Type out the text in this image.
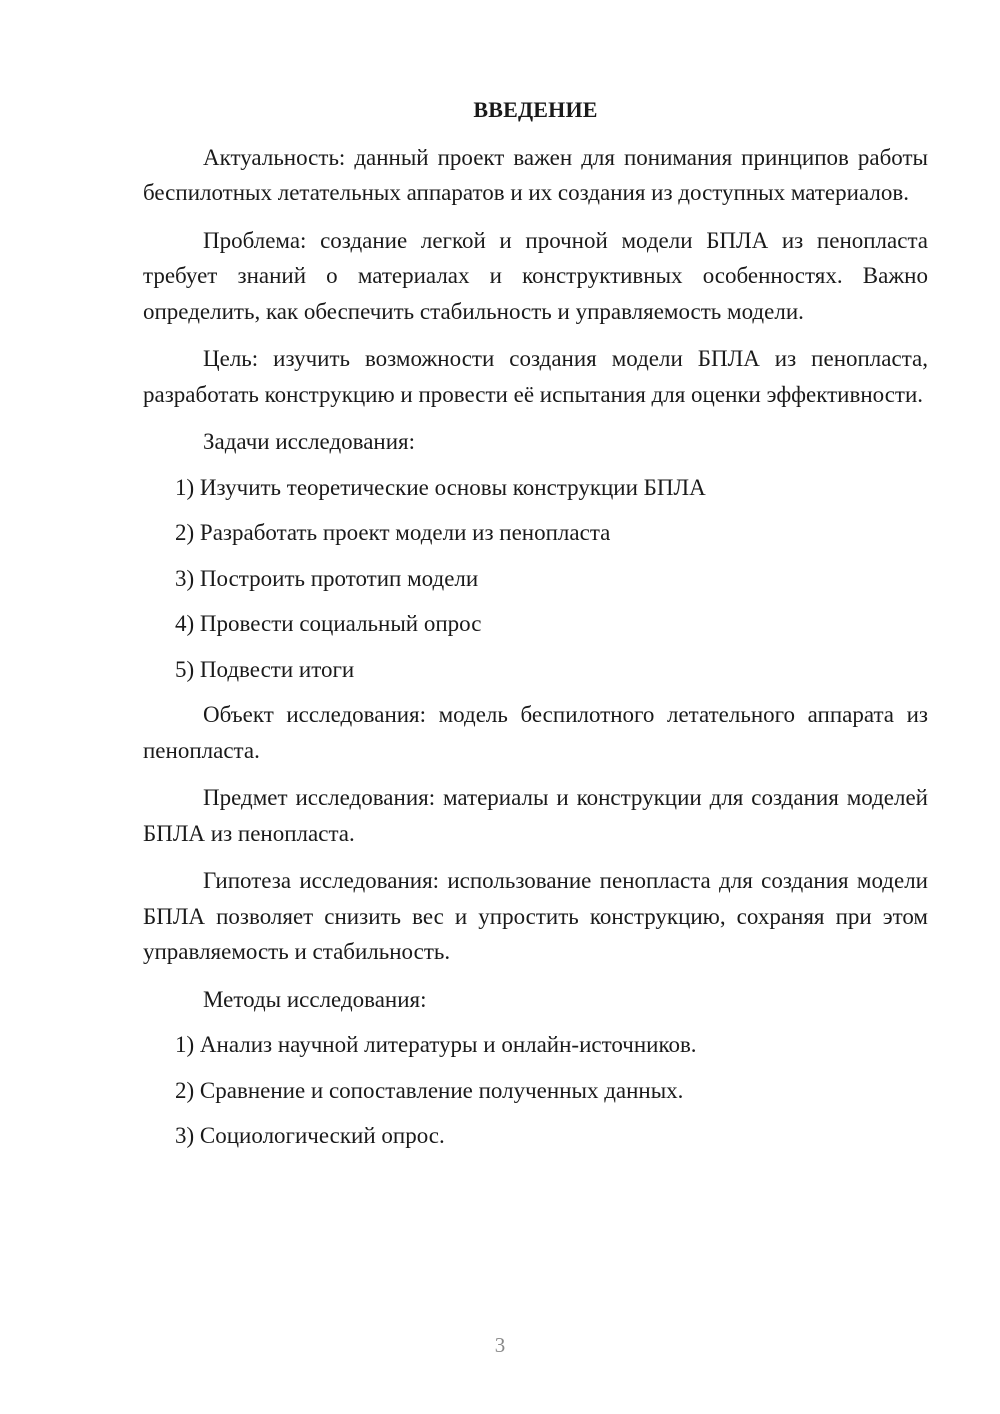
ВВЕДЕНИЕ

Актуальность: данный проект важен для понимания принципов работы беспилотных летательных аппаратов и их создания из доступных материалов.

Проблема: создание легкой и прочной модели БПЛА из пенопласта требует знаний о материалах и конструктивных особенностях. Важно определить, как обеспечить стабильность и управляемость модели.

Цель: изучить возможности создания модели БПЛА из пенопласта, разработать конструкцию и провести её испытания для оценки эффективности.

Задачи исследования:
1) Изучить теоретические основы конструкции БПЛА
2) Разработать проект модели из пенопласта
3) Построить прототип модели
4) Провести социальный опрос
5) Подвести итоги

Объект исследования: модель беспилотного летательного аппарата из пенопласта.

Предмет исследования: материалы и конструкции для создания моделей БПЛА из пенопласта.

Гипотеза исследования: использование пенопласта для создания модели БПЛА позволяет снизить вес и упростить конструкцию, сохраняя при этом управляемость и стабильность.

Методы исследования:
1) Анализ научной литературы и онлайн-источников.
2) Сравнение и сопоставление полученных данных.
3) Социологический опрос.
3
